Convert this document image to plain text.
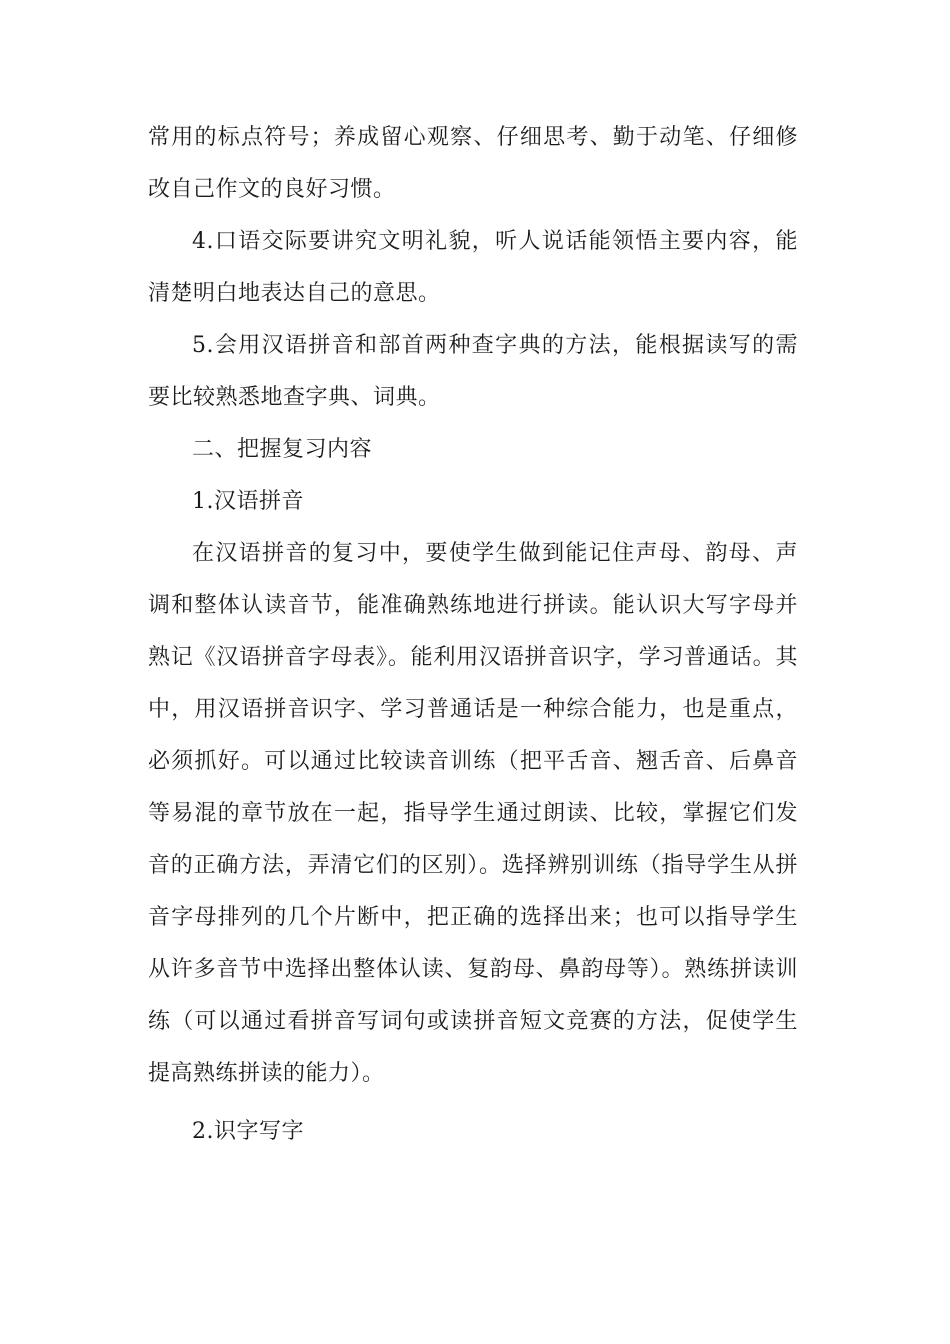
常用的标点符号；养成留心观察、仔细思考、勤于动笔、仔细修改自己作文的良好习惯。

4.口语交际要讲究文明礼貌，听人说话能领悟主要内容，能清楚明白地表达自己的意思。

5.会用汉语拼音和部首两种查字典的方法，能根据读写的需要比较熟悉地查字典、词典。

二、把握复习内容

1.汉语拼音

在汉语拼音的复习中，要使学生做到能记住声母、韵母、声调和整体认读音节，能准确熟练地进行拼读。能认识大写字母并熟记《汉语拼音字母表》。能利用汉语拼音识字，学习普通话。其中，用汉语拼音识字、学习普通话是一种综合能力，也是重点，必须抓好。可以通过比较读音训练（把平舌音、翘舌音、后鼻音等易混的章节放在一起，指导学生通过朗读、比较，掌握它们发音的正确方法，弄清它们的区别）。选择辨别训练（指导学生从拼音字母排列的几个片断中，把正确的选择出来；也可以指导学生从许多音节中选择出整体认读、复韵母、鼻韵母等）。熟练拼读训练（可以通过看拼音写词句或读拼音短文竞赛的方法，促使学生提高熟练拼读的能力）。

2.识字写字
